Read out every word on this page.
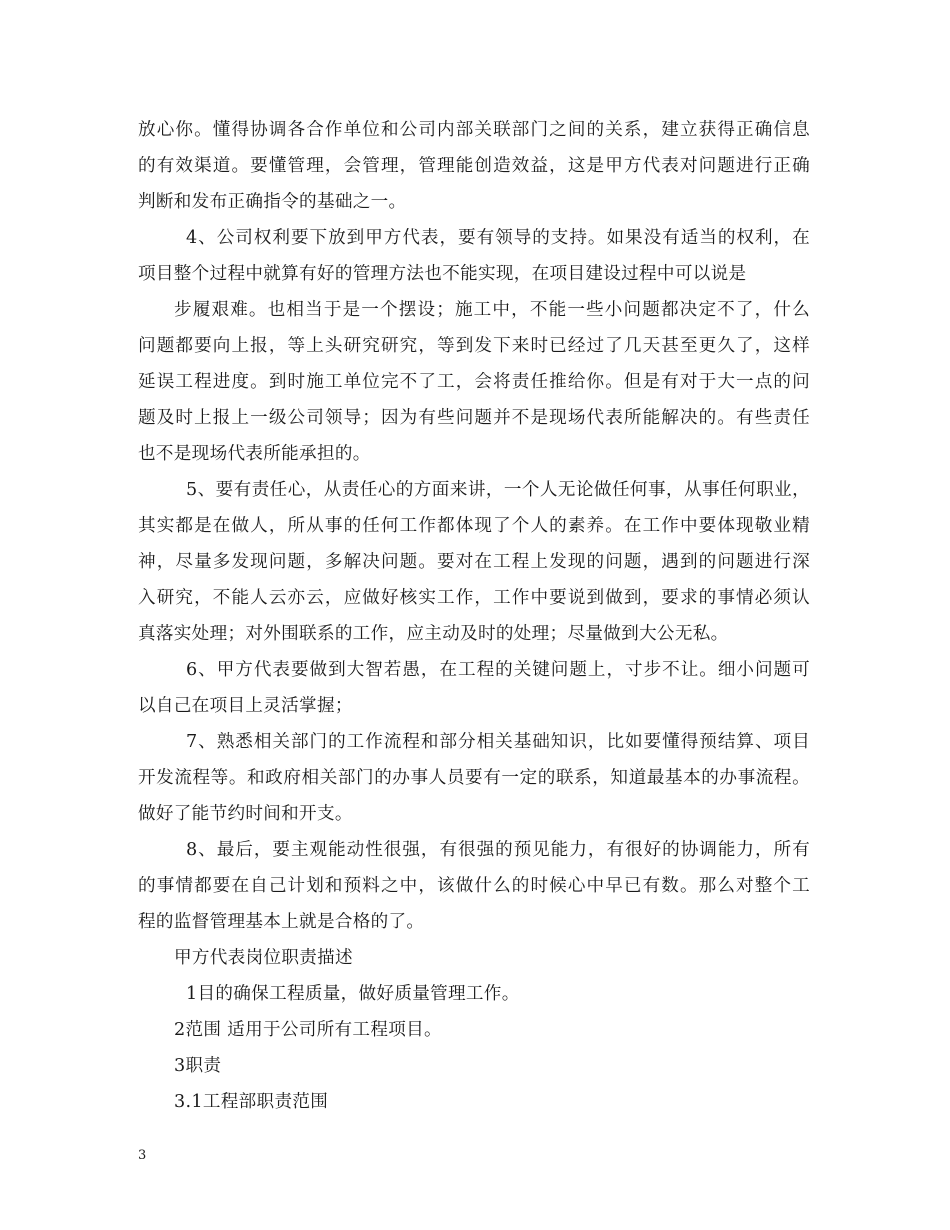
放心你。懂得协调各合作单位和公司内部关联部门之间的关系，建立获得正确信息
的有效渠道。要懂管理，会管理，管理能创造效益，这是甲方代表对问题进行正确
判断和发布正确指令的基础之一。
4、公司权利要下放到甲方代表，要有领导的支持。如果没有适当的权利，在
项目整个过程中就算有好的管理方法也不能实现，在项目建设过程中可以说是
步履艰难。也相当于是一个摆设；施工中，不能一些小问题都决定不了，什么
问题都要向上报，等上头研究研究，等到发下来时已经过了几天甚至更久了，这样
延误工程进度。到时施工单位完不了工，会将责任推给你。但是有对于大一点的问
题及时上报上一级公司领导；因为有些问题并不是现场代表所能解决的。有些责任
也不是现场代表所能承担的。
5、要有责任心，从责任心的方面来讲，一个人无论做任何事，从事任何职业，
其实都是在做人，所从事的任何工作都体现了个人的素养。在工作中要体现敬业精
神，尽量多发现问题，多解决问题。要对在工程上发现的问题，遇到的问题进行深
入研究，不能人云亦云，应做好核实工作，工作中要说到做到，要求的事情必须认
真落实处理；对外围联系的工作，应主动及时的处理；尽量做到大公无私。
6、甲方代表要做到大智若愚，在工程的关键问题上，寸步不让。细小问题可
以自己在项目上灵活掌握；
7、熟悉相关部门的工作流程和部分相关基础知识，比如要懂得预结算、项目
开发流程等。和政府相关部门的办事人员要有一定的联系，知道最基本的办事流程。
做好了能节约时间和开支。
8、最后，要主观能动性很强，有很强的预见能力，有很好的协调能力，所有
的事情都要在自己计划和预料之中，该做什么的时候心中早已有数。那么对整个工
程的监督管理基本上就是合格的了。
甲方代表岗位职责描述
1目的确保工程质量，做好质量管理工作。
2范围 适用于公司所有工程项目。
3职责
3.1工程部职责范围
3
